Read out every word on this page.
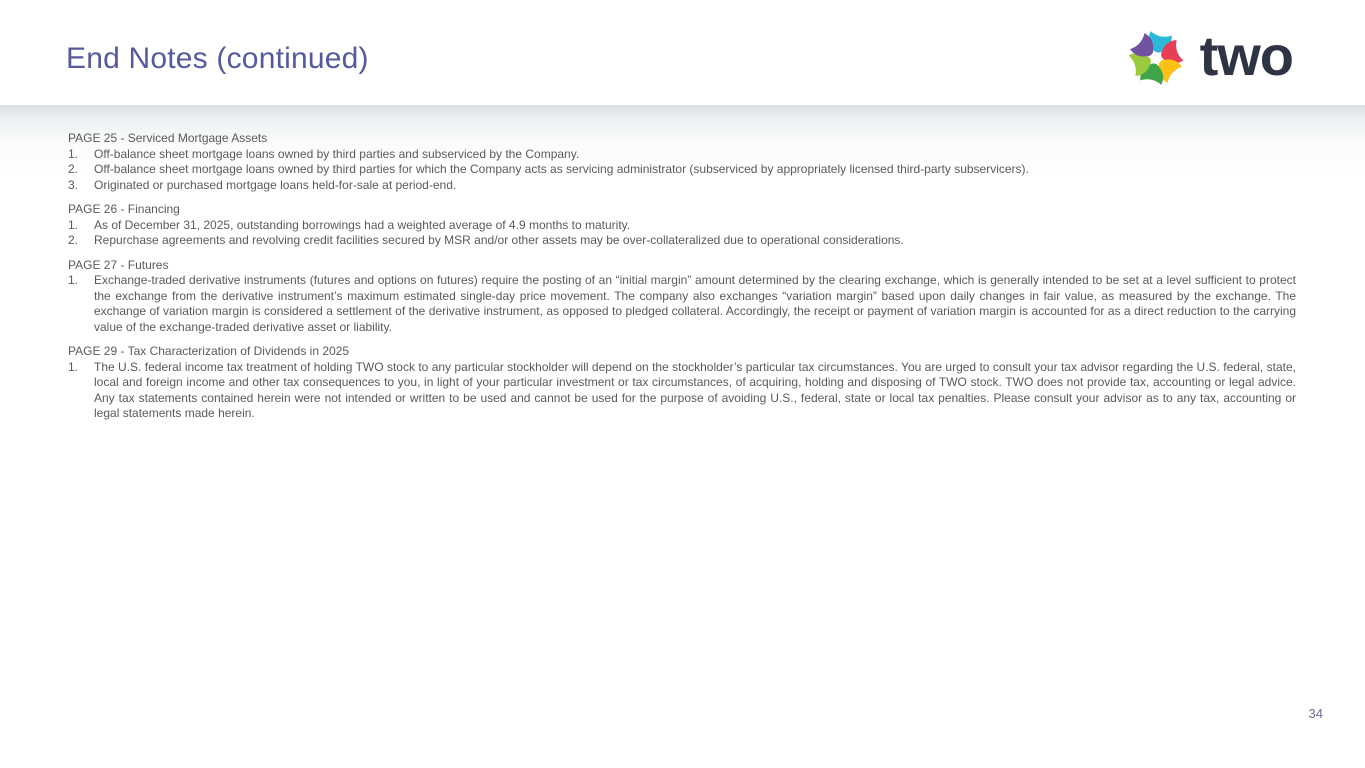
End Notes (continued)	two
PAGE 25 - Serviced Mortgage Assets
1.	Off-balance sheet mortgage loans owned by third parties and subserviced by the Company.
2.	Off-balance sheet mortgage loans owned by third parties for which the Company acts as servicing administrator (subserviced by appropriately licensed third-party subservicers).
3.	Originated or purchased mortgage loans held-for-sale at period-end.
PAGE 26 - Financing
1.	As of December 31, 2025, outstanding borrowings had a weighted average of 4.9 months to maturity.
2.	Repurchase agreements and revolving credit facilities secured by MSR and/or other assets may be over-collateralized due to operational considerations.
PAGE 27 - Futures
1.	Exchange-traded derivative instruments (futures and options on futures) require the posting of an “initial margin” amount determined by the clearing exchange, which is generally intended to be set at a level sufficient to protect the exchange from the derivative instrument’s maximum estimated single-day price movement. The company also exchanges “variation margin” based upon daily changes in fair value, as measured by the exchange. The exchange of variation margin is considered a settlement of the derivative instrument, as opposed to pledged collateral. Accordingly, the receipt or payment of variation margin is accounted for as a direct reduction to the carrying value of the exchange-traded derivative asset or liability.
PAGE 29 - Tax Characterization of Dividends in 2025
1.	The U.S. federal income tax treatment of holding TWO stock to any particular stockholder will depend on the stockholder’s particular tax circumstances. You are urged to consult your tax advisor regarding the U.S. federal, state, local and foreign income and other tax consequences to you, in light of your particular investment or tax circumstances, of acquiring, holding and disposing of TWO stock. TWO does not provide tax, accounting or legal advice. Any tax statements contained herein were not intended or written to be used and cannot be used for the purpose of avoiding U.S., federal, state or local tax penalties. Please consult your advisor as to any tax, accounting or legal statements made herein.
34
